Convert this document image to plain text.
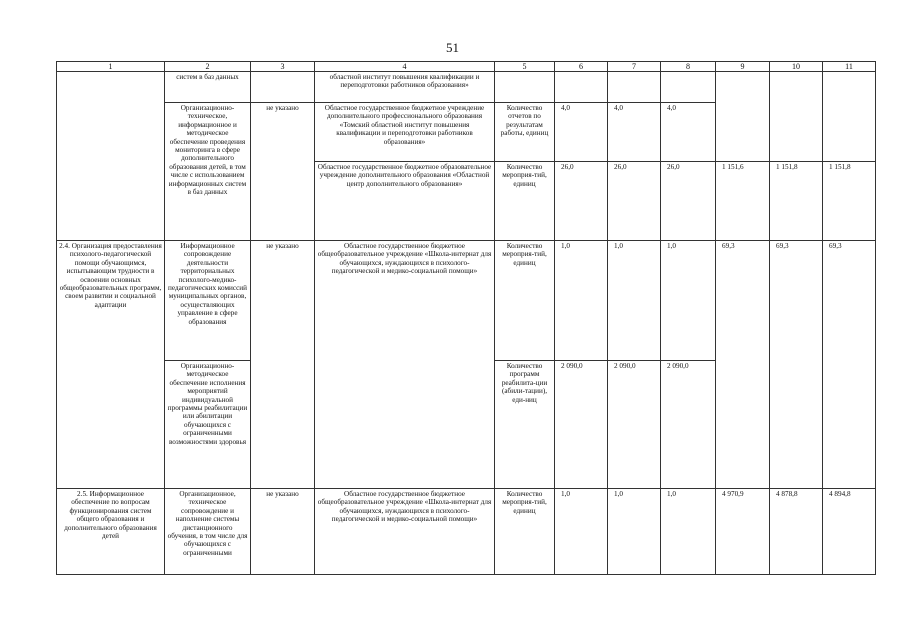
51
1	2	3	4	5	6	7	8	9	10	11
	систем в баз данных		областной институт повышения квалификации и переподготовки работников образования»							
	Организационно-техническое, информационное и методическое обеспечение проведения мониторинга в сфере дополнительного образования детей, в том числе с использованием информационных систем в баз данных	не указано	Областное государственное бюджетное учреждение дополнительного профессионального образования «Томский областной институт повышения квалификации и переподготовки работников образования»	Количество отчетов по результатам работы, единиц	4,0	4,0	4,0			
			Областное государственное бюджетное образовательное учреждение дополнительного образования «Областной центр дополнительного образования»	Количество мероприя-тий, единиц	26,0	26,0	26,0	1 151,6	1 151,8	1 151,8
2.4. Организация предоставления психолого-педагогической помощи обучающимся, испытывающим трудности в освоении основных общеобразовательных программ, своем развитии и социальной адаптации	Информационное сопровождение деятельности территориальных психолого-медико-педагогических комиссий муниципальных органов, осуществляющих управление в сфере образования	не указано	Областное государственное бюджетное общеобразовательное учреждение «Школа-интернат для обучающихся, нуждающихся в психолого-педагогической и медико-социальной помощи»	Количество мероприя-тий, единиц	1,0	1,0	1,0	69,3	69,3	69,3
	Организационно-методическое обеспечение исполнения мероприятий индивидуальной программы реабилитации или абилитации обучающихся с ограниченными возможностями здоровья			Количество программ реабилита-ции (абили-тации), еди-ниц	2 090,0	2 090,0	2 090,0			
2.5. Информационное обеспечение по вопросам функционирования систем общего образования и дополнительного образования детей	Организационное, техническое сопровождение и наполнение системы дистанционного обучения, в том числе для обучающихся с ограниченными	не указано	Областное государственное бюджетное общеобразовательное учреждение «Школа-интернат для обучающихся, нуждающихся в психолого-педагогической и медико-социальной помощи»	Количество мероприя-тий, единиц	1,0	1,0	1,0	4 970,9	4 878,8	4 894,8
